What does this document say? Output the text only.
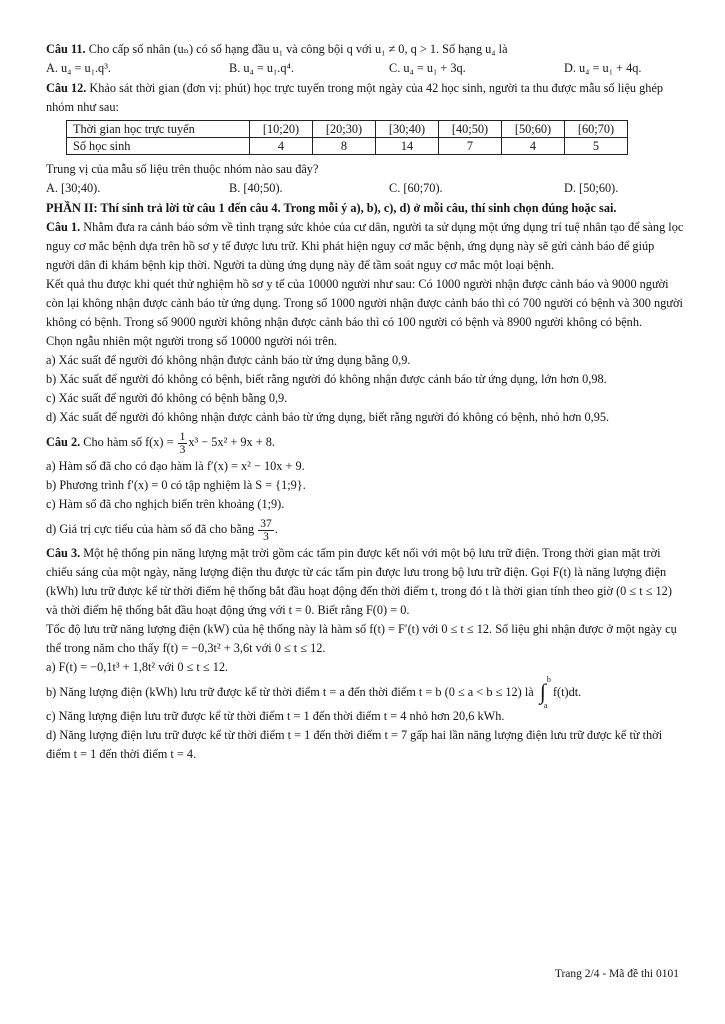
Câu 11. Cho cấp số nhân (uₙ) có số hạng đầu u₁ và công bội q với u₁ ≠ 0, q > 1. Số hạng u₄ là

A. u₄ = u₁.q³.	B. u₄ = u₁.q⁴.	C. u₄ = u₁ + 3q.	D. u₄ = u₁ + 4q.

Câu 12. Khảo sát thời gian (đơn vị: phút) học trực tuyến trong một ngày của 42 học sinh, người ta thu được mẫu số liệu ghép nhóm như sau:

Thời gian học trực tuyến	[10;20)	[20;30)	[30;40)	[40;50)	[50;60)	[60;70)
Số học sinh	4	8	14	7	4	5

Trung vị của mẫu số liệu trên thuộc nhóm nào sau đây?

A. [30;40).	B. [40;50).	C. [60;70).	D. [50;60).

PHẦN II: Thí sinh trả lời từ câu 1 đến câu 4. Trong mỗi ý a), b), c), d) ở mỗi câu, thí sinh chọn đúng hoặc sai.

Câu 1. Nhằm đưa ra cảnh báo sớm về tình trạng sức khỏe của cư dân, người ta sử dụng một ứng dụng trí tuệ nhân tạo để sàng lọc nguy cơ mắc bệnh dựa trên hồ sơ y tế được lưu trữ. Khi phát hiện nguy cơ mắc bệnh, ứng dụng này sẽ gửi cảnh báo để giúp người dân đi khám bệnh kịp thời. Người ta dùng ứng dụng này để tầm soát nguy cơ mắc một loại bệnh.

Kết quả thu được khi quét thử nghiệm hồ sơ y tế của 10000 người như sau: Có 1000 người nhận được cảnh báo và 9000 người còn lại không nhận được cảnh báo từ ứng dụng. Trong số 1000 người nhận được cảnh báo thì có 700 người có bệnh và 300 người không có bệnh. Trong số 9000 người không nhận được cảnh báo thì có 100 người có bệnh và 8900 người không có bệnh.

Chọn ngẫu nhiên một người trong số 10000 người nói trên.

a) Xác suất để người đó không nhận được cảnh báo từ ứng dụng bằng 0,9.

b) Xác suất để người đó không có bệnh, biết rằng người đó không nhận được cảnh báo từ ứng dụng, lớn hơn 0,98.

c) Xác suất để người đó không có bệnh bằng 0,9.

d) Xác suất để người đó không nhận được cảnh báo từ ứng dụng, biết rằng người đó không có bệnh, nhỏ hơn 0,95.

Câu 2. Cho hàm số $f(x) = \frac{1}{3} x^3 - 5x^2 + 9x + 8$.

a) Hàm số đã cho có đạo hàm là f′(x) = x² − 10x + 9.

b) Phương trình f′(x) = 0 có tập nghiệm là S = {1;9}.

c) Hàm số đã cho nghịch biến trên khoảng (1;9).

d) Giá trị cực tiểu của hàm số đã cho bằng $\frac{37}{3}$ .

Câu 3. Một hệ thống pin năng lượng mặt trời gồm các tấm pin được kết nối với một bộ lưu trữ điện. Trong thời gian mặt trời chiếu sáng của một ngày, năng lượng điện thu được từ các tấm pin được lưu trong bộ lưu trữ điện. Gọi F(t) là năng lượng điện (kWh) lưu trữ được kể từ thời điểm hệ thống bắt đầu hoạt động đến thời điểm t, trong đó t là thời gian tính theo giờ (0 ≤ t ≤ 12) và thời điểm hệ thống bắt đầu hoạt động ứng với t = 0. Biết rằng F(0) = 0.

Tốc độ lưu trữ năng lượng điện (kW) của hệ thống này là hàm số f(t) = F′(t) với 0 ≤ t ≤ 12. Số liệu ghi nhận được ở một ngày cụ thể trong năm cho thấy f(t) = −0,3t² + 3,6t với 0 ≤ t ≤ 12.

a) F(t) = −0,1t³ + 1,8t² với 0 ≤ t ≤ 12.

b) Năng lượng điện (kWh) lưu trữ được kể từ thời điểm t = a đến thời điểm t = b (0 ≤ a < b ≤ 12) là ∫ b
a
f(t)dt.

c) Năng lượng điện lưu trữ được kể từ thời điểm t = 1 đến thời điểm t = 4 nhỏ hơn 20,6 kWh.

d) Năng lượng điện lưu trữ được kể từ thời điểm t = 1 đến thời điểm t = 7 gấp hai lần năng lượng điện lưu trữ được kể từ thời điểm t = 1 đến thời điểm t = 4.

Trang 2/4 - Mã đề thi 0101
